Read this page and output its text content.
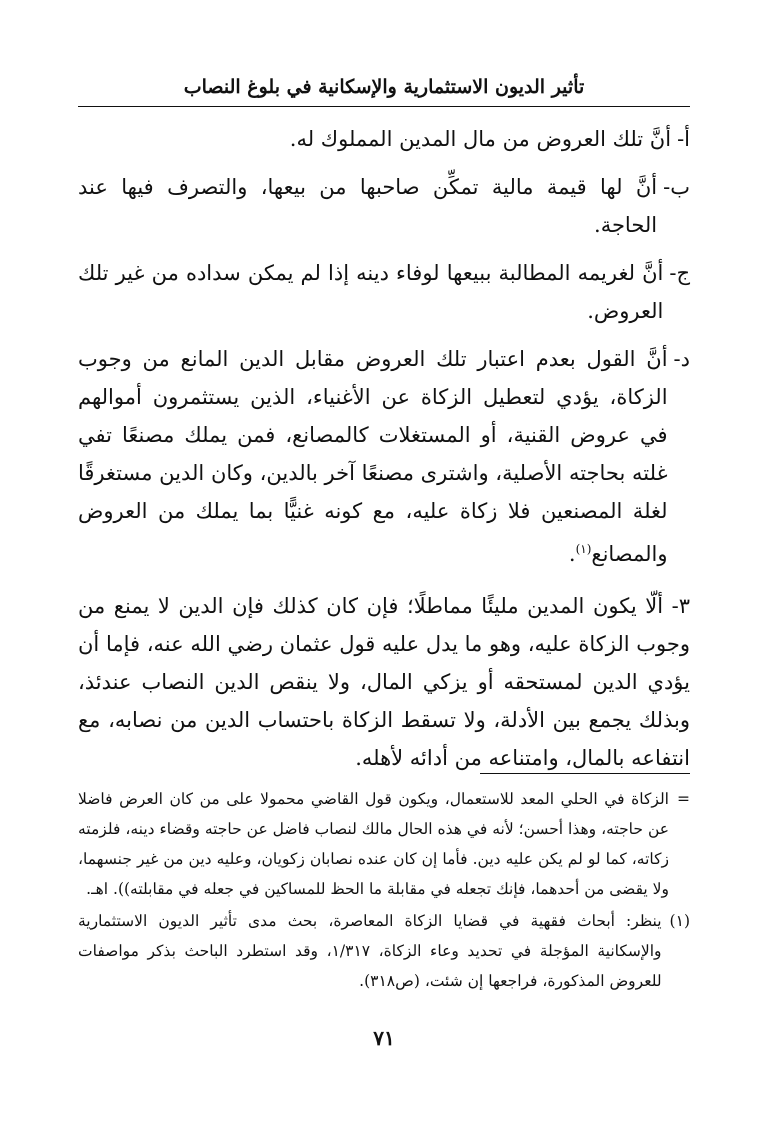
تأثير الديون الاستثمارية والإسكانية في بلوغ النصاب
أ-
أنَّ تلك العروض من مال المدين المملوك له.
ب-
أنَّ لها قيمة مالية تمكِّن صاحبها من بيعها، والتصرف فيها عند الحاجة.
ج-
أنَّ لغريمه المطالبة ببيعها لوفاء دينه إذا لم يمكن سداده من غير تلك العروض.
د-
أنَّ القول بعدم اعتبار تلك العروض مقابل الدين المانع من وجوب الزكاة، يؤدي لتعطيل الزكاة عن الأغنياء، الذين يستثمرون أموالهم في عروض القنية، أو المستغلات كالمصانع، فمن يملك مصنعًا تفي غلته بحاجته الأصلية، واشترى مصنعًا آخر بالدين، وكان الدين مستغرقًا لغلة المصنعين فلا زكاة عليه، مع كونه غنيًّا بما يملك من العروض والمصانع$^{(١)}$.
٣- ألّا يكون المدين مليئًا مماطلًا؛ فإن كان كذلك فإن الدين لا يمنع من وجوب الزكاة عليه، وهو ما يدل عليه قول عثمان رضي الله عنه، فإما أن يؤدي الدين لمستحقه أو يزكي المال، ولا ينقص الدين النصاب عندئذ، وبذلك يجمع بين الأدلة، ولا تسقط الزكاة باحتساب الدين من نصابه، مع انتفاعه بالمال، وامتناعه من أدائه لأهله.
=
الزكاة في الحلي المعد للاستعمال، ويكون قول القاضي محمولا على من كان العرض فاضلا عن حاجته، وهذا أحسن؛ لأنه في هذه الحال مالك لنصاب فاضل عن حاجته وقضاء دينه، فلزمته زكاته، كما لو لم يكن عليه دين. فأما إن كان عنده نصابان زكويان، وعليه دين من غير جنسهما، ولا يقضى من أحدهما، فإنك تجعله في مقابلة ما الحظ للمساكين في جعله في مقابلته)). اهـ.
(١)
ينظر: أبحاث فقهية في قضايا الزكاة المعاصرة، بحث مدى تأثير الديون الاستثمارية والإسكانية المؤجلة في تحديد وعاء الزكاة، ١/٣١٧، وقد استطرد الباحث بذكر مواصفات للعروض المذكورة، فراجعها إن شئت، (ص٣١٨).
٧١
